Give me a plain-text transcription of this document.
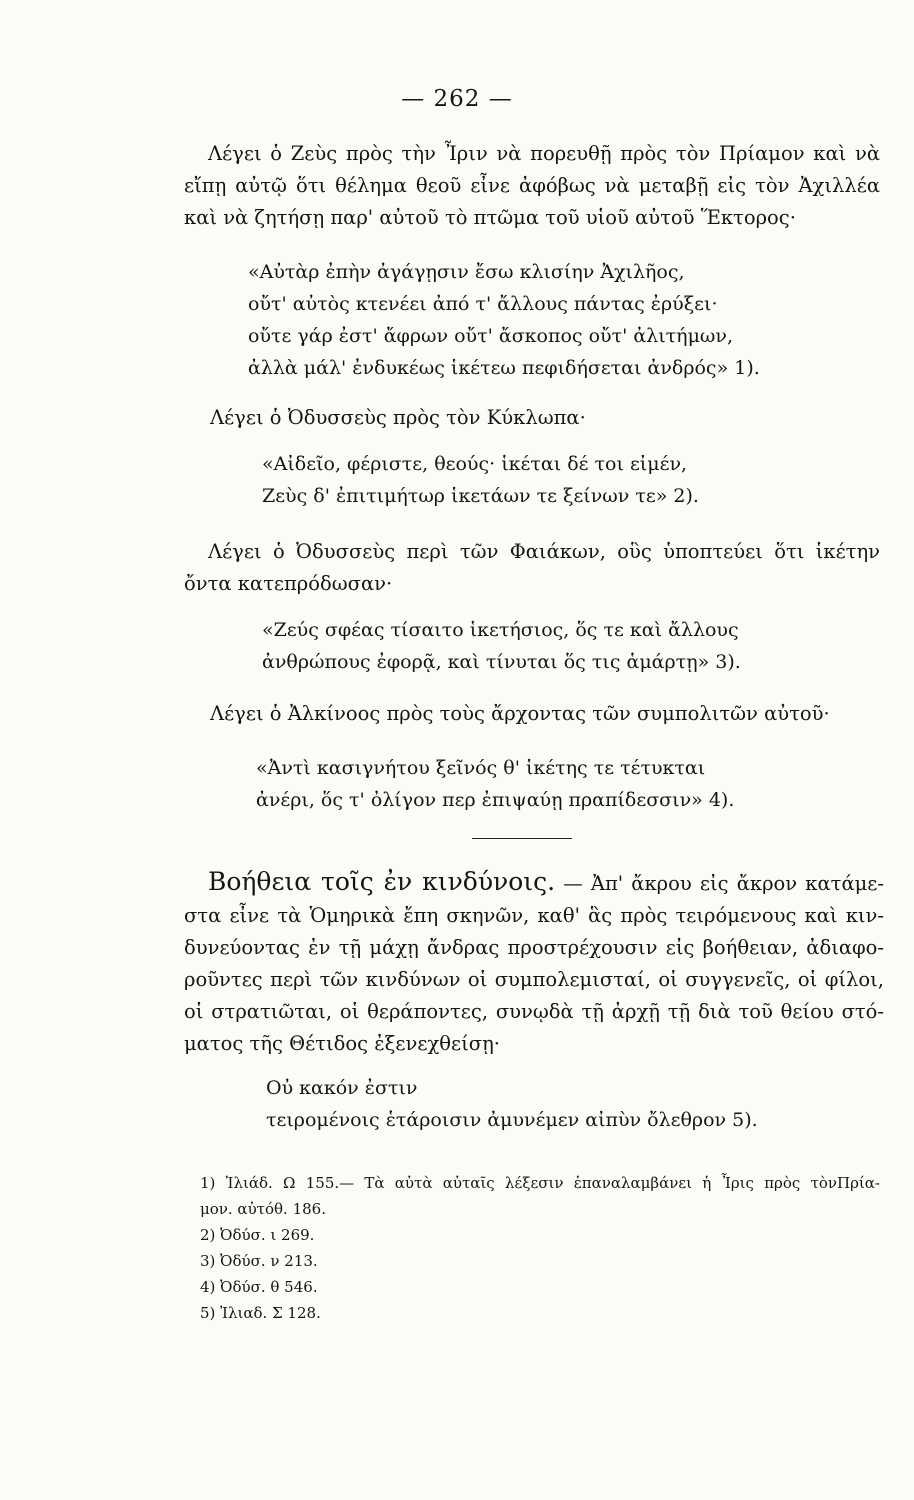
— 262 —

Λέγει ὁ Ζεὺς πρὸς τὴν Ἶριν νὰ πορευθῇ πρὸς τὸν Πρίαμον καὶ νὰ

εἴπῃ αὐτῷ ὅτι θέλημα θεοῦ εἶνε ἀφόβως νὰ μεταβῇ εἰς τὸν Ἀχιλλέα

καὶ νὰ ζητήσῃ παρ' αὐτοῦ τὸ πτῶμα τοῦ υἱοῦ αὐτοῦ Ἕκτορος·

«Αὐτὰρ ἐπὴν ἀγάγῃσιν ἔσω κλισίην Ἀχιλῆος,
οὔτ' αὐτὸς κτενέει ἀπό τ' ἄλλους πάντας ἐρύξει·
οὔτε γάρ ἐστ' ἄφρων οὔτ' ἄσκοπος οὔτ' ἀλιτήμων,
ἀλλὰ μάλ' ἐνδυκέως ἱκέτεω πεφιδήσεται ἀνδρός» 1).

Λέγει ὁ Ὀδυσσεὺς πρὸς τὸν Κύκλωπα·

«Αἰδεῖο, φέριστε, θεούς· ἱκέται δέ τοι εἰμέν,
Ζεὺς δ' ἐπιτιμήτωρ ἱκετάων τε ξείνων τε» 2).

Λέγει ὁ Ὀδυσσεὺς περὶ τῶν Φαιάκων, οὓς ὑποπτεύει ὅτι ἱκέτην

ὄντα κατεπρόδωσαν·

«Ζεύς σφέας τίσαιτο ἱκετήσιος, ὅς τε καὶ ἄλλους
ἀνθρώπους ἐφορᾷ, καὶ τίνυται ὅς τις ἁμάρτῃ» 3).

Λέγει ὁ Ἀλκίνοος πρὸς τοὺς ἄρχοντας τῶν συμπολιτῶν αὐτοῦ·

«Ἀντὶ κασιγνήτου ξεῖνός θ' ἱκέτης τε τέτυκται
ἀνέρι, ὅς τ' ὀλίγον περ ἐπιψαύῃ πραπίδεσσιν» 4).

Βοήθεια τοῖς ἐν κινδύνοις. — Ἀπ' ἄκρου εἰς ἄκρον κατάμε-

στα εἶνε τὰ Ὁμηρικὰ ἔπη σκηνῶν, καθ' ἃς πρὸς τειρόμενους καὶ κιν-

δυνεύοντας ἐν τῇ μάχῃ ἄνδρας προστρέχουσιν εἰς βοήθειαν, ἀδιαφο-

ροῦντες περὶ τῶν κινδύνων οἱ συμπολεμισταί, οἱ συγγενεῖς, οἱ φίλοι,

οἱ στρατιῶται, οἱ θεράποντες, συνῳδὰ τῇ ἀρχῇ τῇ διὰ τοῦ θείου στό-

ματος τῆς Θέτιδος ἐξενεχθείσῃ·

Οὐ κακόν ἐστιν
τειρομένοις ἑτάροισιν ἀμυνέμεν αἰπὺν ὄλεθρον 5).

1) Ἰλιάδ. Ω 155.— Τὰ αὐτὰ αὐταῖς λέξεσιν ἐπαναλαμβάνει ἡ Ἶρις πρὸς τὸνΠρία-

μον. αὐτόθ. 186.

2) Ὀδύσ. ι 269.

3) Ὀδύσ. ν 213.

4) Ὀδύσ. θ 546.

5) Ἰλιαδ. Σ 128.
